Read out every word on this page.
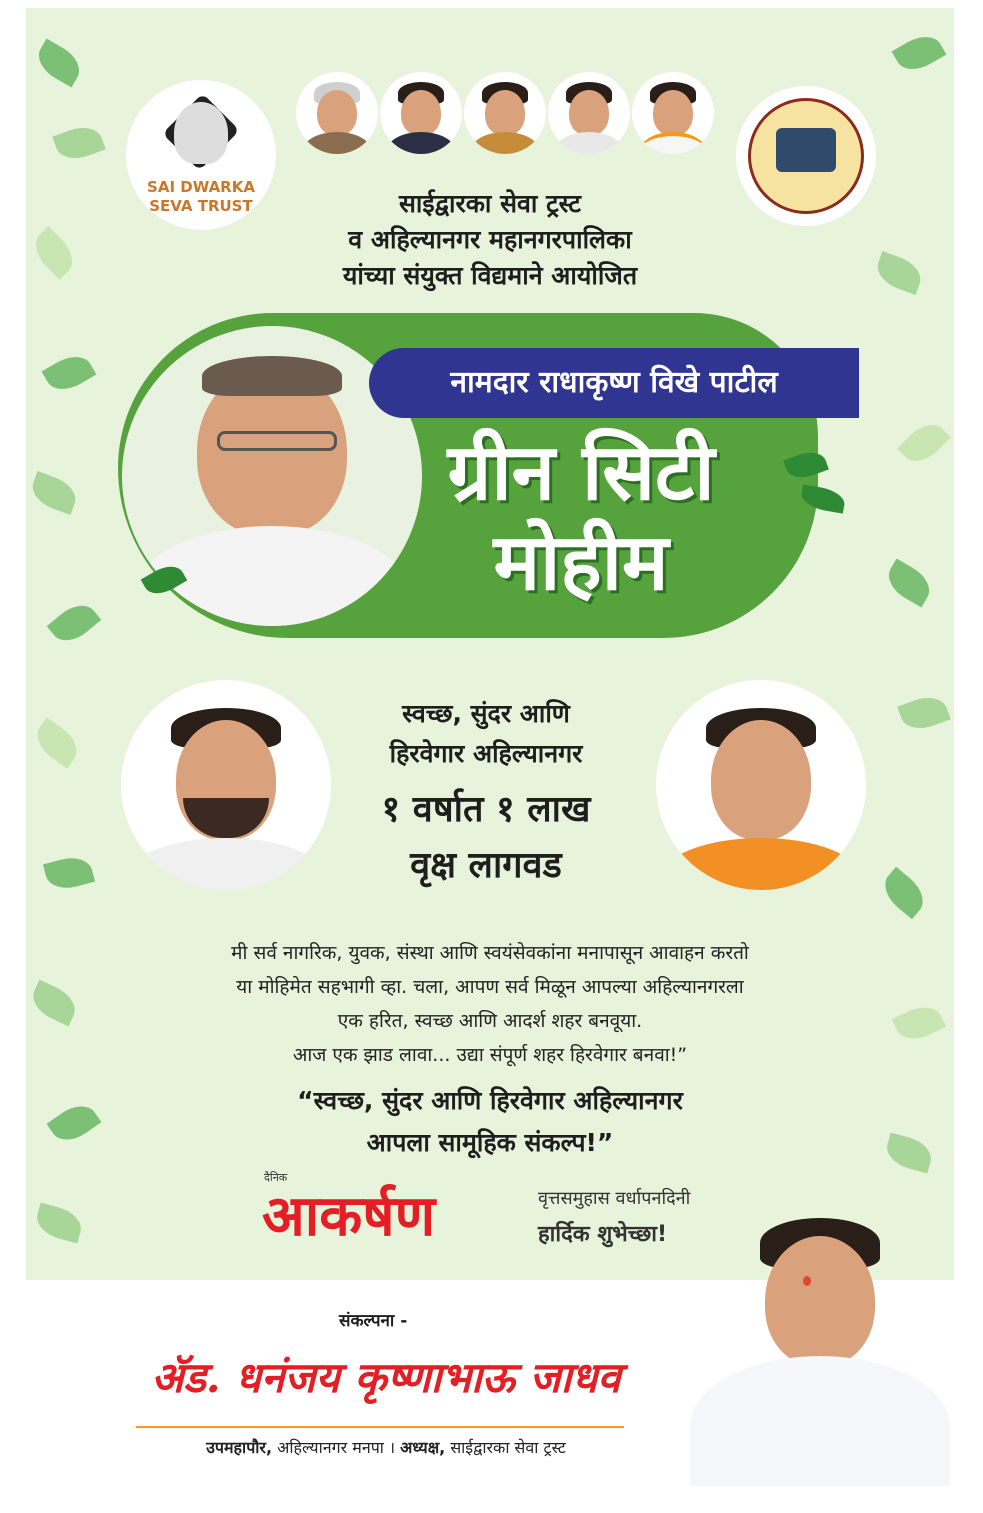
SAI DWARKA
SEVA TRUST	साईद्वारका सेवा ट्रस्ट
व अहिल्यानगर महानगरपालिका
यांच्या संयुक्त विद्यमाने आयोजित
नामदार राधाकृष्ण विखे पाटील
ग्रीन सिटी
मोहीम
स्वच्छ, सुंदर आणि
हिरवेगार अहिल्यानगर
१ वर्षात १ लाख
वृक्ष लागवड
मी सर्व नागरिक, युवक, संस्था आणि स्वयंसेवकांना मनापासून आवाहन करतो
या मोहिमेत सहभागी व्हा. चला, आपण सर्व मिळून आपल्या अहिल्यानगरला
एक हरित, स्वच्छ आणि आदर्श शहर बनवूया.
आज एक झाड लावा... उद्या संपूर्ण शहर हिरवेगार बनवा!”
“स्वच्छ, सुंदर आणि हिरवेगार अहिल्यानगर
आपला सामूहिक संकल्प!”
दैनिक
आकर्षण	वृत्तसमुहास वर्धापनदिनी
हार्दिक शुभेच्छा!
संकल्पना -
ॲड. धनंजय कृष्णाभाऊ जाधव
उपमहापौर, अहिल्यानगर मनपा । अध्यक्ष, साईद्वारका सेवा ट्रस्ट
